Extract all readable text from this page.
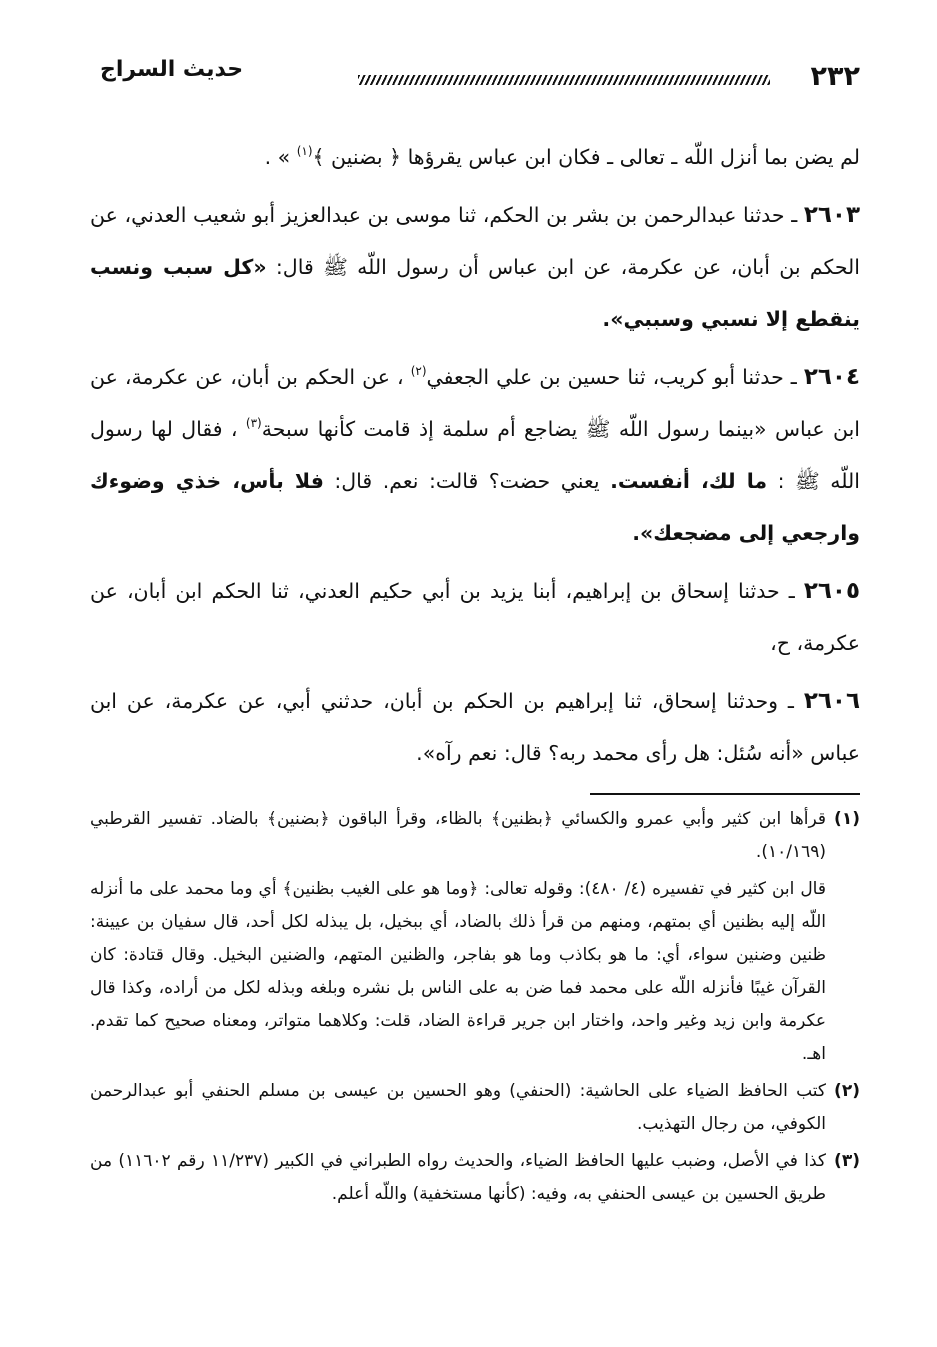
٢٣٢
حديث السراج

لم يضن بما أنزل اللّه ـ تعالى ـ فكان ابن عباس يقرؤها ﴿ بضنين ﴾$^{(١)}$ » .

٢٦٠٣ ـ حدثنا عبدالرحمن بن بشر بن الحكم، ثنا موسى بن عبدالعزيز أبو شعيب العدني، عن الحكم بن أبان، عن عكرمة، عن ابن عباس أن رسول اللّه ﷺ قال: «كل سبب ونسب ينقطع إلا نسبي وسببي».

٢٦٠٤ ـ حدثنا أبو كريب، ثنا حسين بن علي الجعفي$^{(٢)}$ ، عن الحكم بن أبان، عن عكرمة، عن ابن عباس «بينما رسول اللّه ﷺ يضاجع أم سلمة إذ قامت كأنها سبحة$^{(٣)}$ ، فقال لها رسول اللّه ﷺ : ما لك، أنفست. يعني حضت؟ قالت: نعم. قال: فلا بأس، خذي وضوءك وارجعي إلى مضجعك».

٢٦٠٥ ـ حدثنا إسحاق بن إبراهيم، أبنا يزيد بن أبي حكيم العدني، ثنا الحكم ابن أبان، عن عكرمة، ح،

٢٦٠٦ ـ وحدثنا إسحاق، ثنا إبراهيم بن الحكم بن أبان، حدثني أبي، عن عكرمة، عن ابن عباس «أنه سُئل: هل رأى محمد ربه؟ قال: نعم رآه».

(١)
قرأها ابن كثير وأبي عمرو والكسائي ﴿بظنين﴾ بالظاء، وقرأ الباقون ﴿بضنين﴾ بالضاد. تفسير القرطبي (١٠/١٦٩).

قال ابن كثير في تفسيره (٤/ ٤٨٠): وقوله تعالى: ﴿وما هو على الغيب بظنين﴾ أي وما محمد على ما أنزله اللّه إليه بظنين أي بمتهم، ومنهم من قرأ ذلك بالضاد، أي ببخيل، بل يبذله لكل أحد، قال سفيان بن عيينة: ظنين وضنين سواء، أي: ما هو بكاذب وما هو بفاجر، والظنين المتهم، والضنين البخيل. وقال قتادة: كان القرآن غيبًا فأنزله اللّه على محمد فما ضن به على الناس بل نشره وبلغه وبذله لكل من أراده، وكذا قال عكرمة وابن زيد وغير واحد، واختار ابن جرير قراءة الضاد، قلت: وكلاهما متواتر، ومعناه صحيح كما تقدم. اهـ.

(٢)
كتب الحافظ الضياء على الحاشية: (الحنفي) وهو الحسين بن عيسى بن مسلم الحنفي أبو عبدالرحمن الكوفي، من رجال التهذيب.

(٣)
كذا في الأصل، وضبب عليها الحافظ الضياء، والحديث رواه الطبراني في الكبير (١١/٢٣٧ رقم ١١٦٠٢) من طريق الحسين بن عيسى الحنفي به، وفيه: (كأنها مستخفية) واللّه أعلم.
